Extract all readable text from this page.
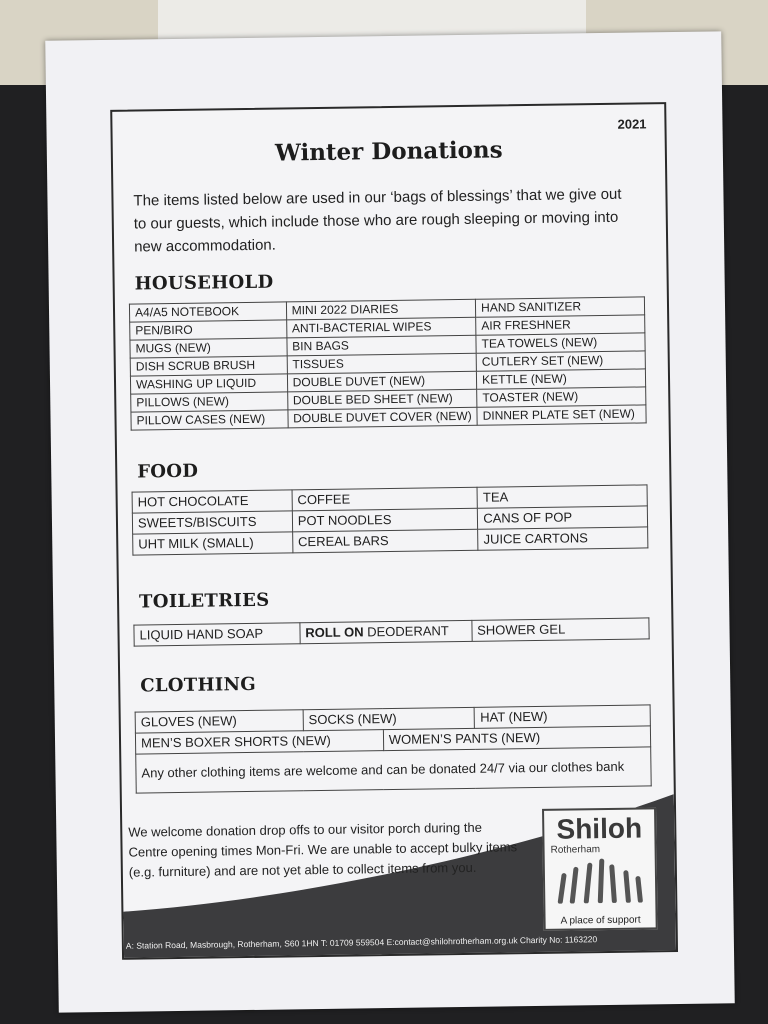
2021
Winter Donations
The items listed below are used in our ‘bags of blessings’ that we give out to our guests, which include those who are rough sleeping or moving into new accommodation.
HOUSEHOLD
A4/A5 NOTEBOOK	MINI 2022 DIARIES	HAND SANITIZER
PEN/BIRO	ANTI-BACTERIAL WIPES	AIR FRESHNER
MUGS (NEW)	BIN BAGS	TEA TOWELS (NEW)
DISH SCRUB BRUSH	TISSUES	CUTLERY SET (NEW)
WASHING UP LIQUID	DOUBLE DUVET (NEW)	KETTLE (NEW)
PILLOWS (NEW)	DOUBLE BED SHEET (NEW)	TOASTER (NEW)
PILLOW CASES (NEW)	DOUBLE DUVET COVER (NEW)	DINNER PLATE SET (NEW)
FOOD
HOT CHOCOLATE	COFFEE	TEA
SWEETS/BISCUITS	POT NOODLES	CANS OF POP
UHT MILK (SMALL)	CEREAL BARS	JUICE CARTONS
TOILETRIES
LIQUID HAND SOAP	ROLL ON DEODERANT	SHOWER GEL
CLOTHING
GLOVES (NEW)	SOCKS (NEW)		HAT (NEW)
MEN’S BOXER SHORTS (NEW)		WOMEN’S PANTS (NEW)	
Any other clothing items are welcome and can be donated 24/7 via our clothes bank			
We welcome donation drop offs to our visitor porch during the Centre opening times Mon-Fri. We are unable to accept bulky items (e.g. furniture) and are not yet able to collect items from you.
Shiloh
Rotherham
A place of support
A: Station Road, Masbrough, Rotherham, S60 1HN T: 01709 559504 E:contact@shilohrotherham.org.uk Charity No: 1163220
